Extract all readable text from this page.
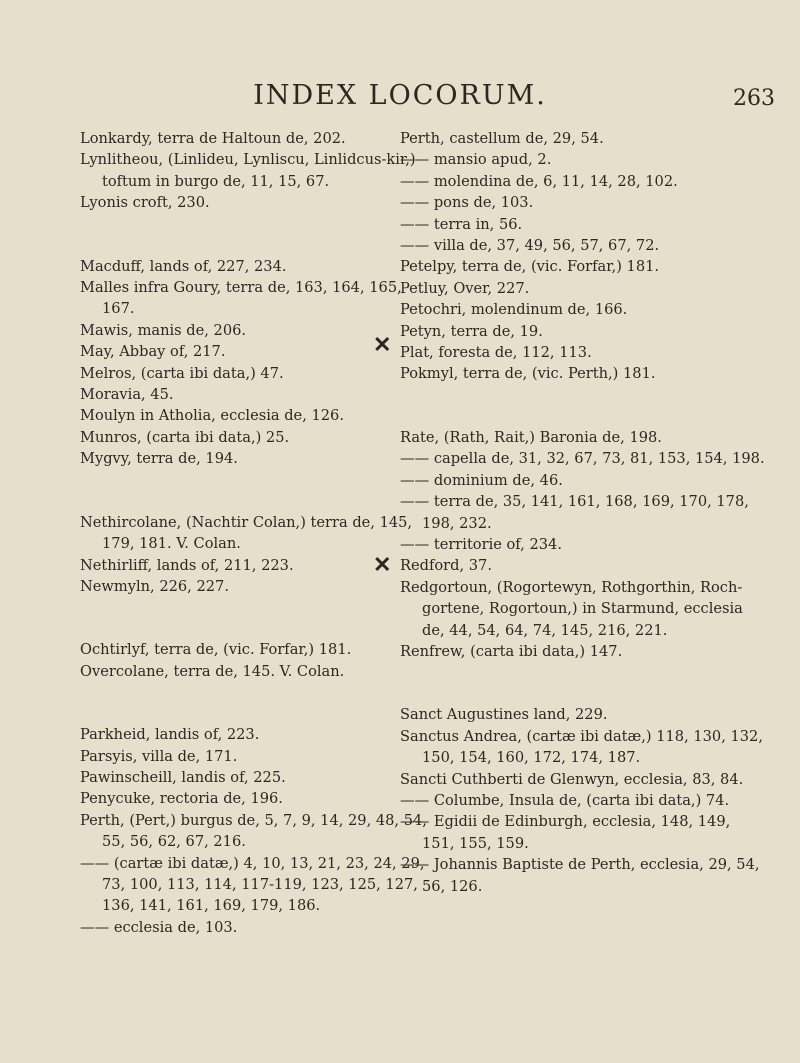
INDEX LOCORUM.	263

Lonkardy, terra de Haltoun de, 202.

Lynlitheou, (Linlideu, Lynliscu, Linlidcus-kir,) toftum in burgo de, 11, 15, 67.

Lyonis croft, 230.

Macduff, lands of, 227, 234.

Malles infra Goury, terra de, 163, 164, 165, 167.

Mawis, manis de, 206.

May, Abbay of, 217.

Melros, (carta ibi data,) 47.

Moravia, 45.

Moulyn in Atholia, ecclesia de, 126.

Munros, (carta ibi data,) 25.

Mygvy, terra de, 194.

Nethircolane, (Nachtir Colan,) terra de, 145, 179, 181. V. Colan.

Nethirliff, lands of, 211, 223.

Newmyln, 226, 227.

Ochtirlyf, terra de, (vic. Forfar,) 181.

Overcolane, terra de, 145. V. Colan.

Parkheid, landis of, 223.

Parsyis, villa de, 171.

Pawinscheill, landis of, 225.

Penycuke, rectoria de, 196.

Perth, (Pert,) burgus de, 5, 7, 9, 14, 29, 48, 54, 55, 56, 62, 67, 216.

—— (cartæ ibi datæ,) 4, 10, 13, 21, 23, 24, 29, 73, 100, 113, 114, 117-119, 123, 125, 127, 136, 141, 161, 169, 179, 186.

—— ecclesia de, 103.

Perth, castellum de, 29, 54.

—— mansio apud, 2.

—— molendina de, 6, 11, 14, 28, 102.

—— pons de, 103.

—— terra in, 56.

—— villa de, 37, 49, 56, 57, 67, 72.

Petelpy, terra de, (vic. Forfar,) 181.

Petluy, Over, 227.

Petochri, molendinum de, 166.

Petyn, terra de, 19.

Plat, foresta de, 112, 113.

Pokmyl, terra de, (vic. Perth,) 181.

Rate, (Rath, Rait,) Baronia de, 198.

—— capella de, 31, 32, 67, 73, 81, 153, 154, 198.

—— dominium de, 46.

—— terra de, 35, 141, 161, 168, 169, 170, 178, 198, 232.

—— territorie of, 234.

Redford, 37.

Redgortoun, (Rogortewyn, Rothgorthin, Roch-gortene, Rogortoun,) in Starmund, ecclesia de, 44, 54, 64, 74, 145, 216, 221.

Renfrew, (carta ibi data,) 147.

Sanct Augustines land, 229.

Sanctus Andrea, (cartæ ibi datæ,) 118, 130, 132, 150, 154, 160, 172, 174, 187.

Sancti Cuthberti de Glenwyn, ecclesia, 83, 84.

—— Columbe, Insula de, (carta ibi data,) 74.

—— Egidii de Edinburgh, ecclesia, 148, 149, 151, 155, 159.

—— Johannis Baptiste de Perth, ecclesia, 29, 54, 56, 126.

✕
✕
